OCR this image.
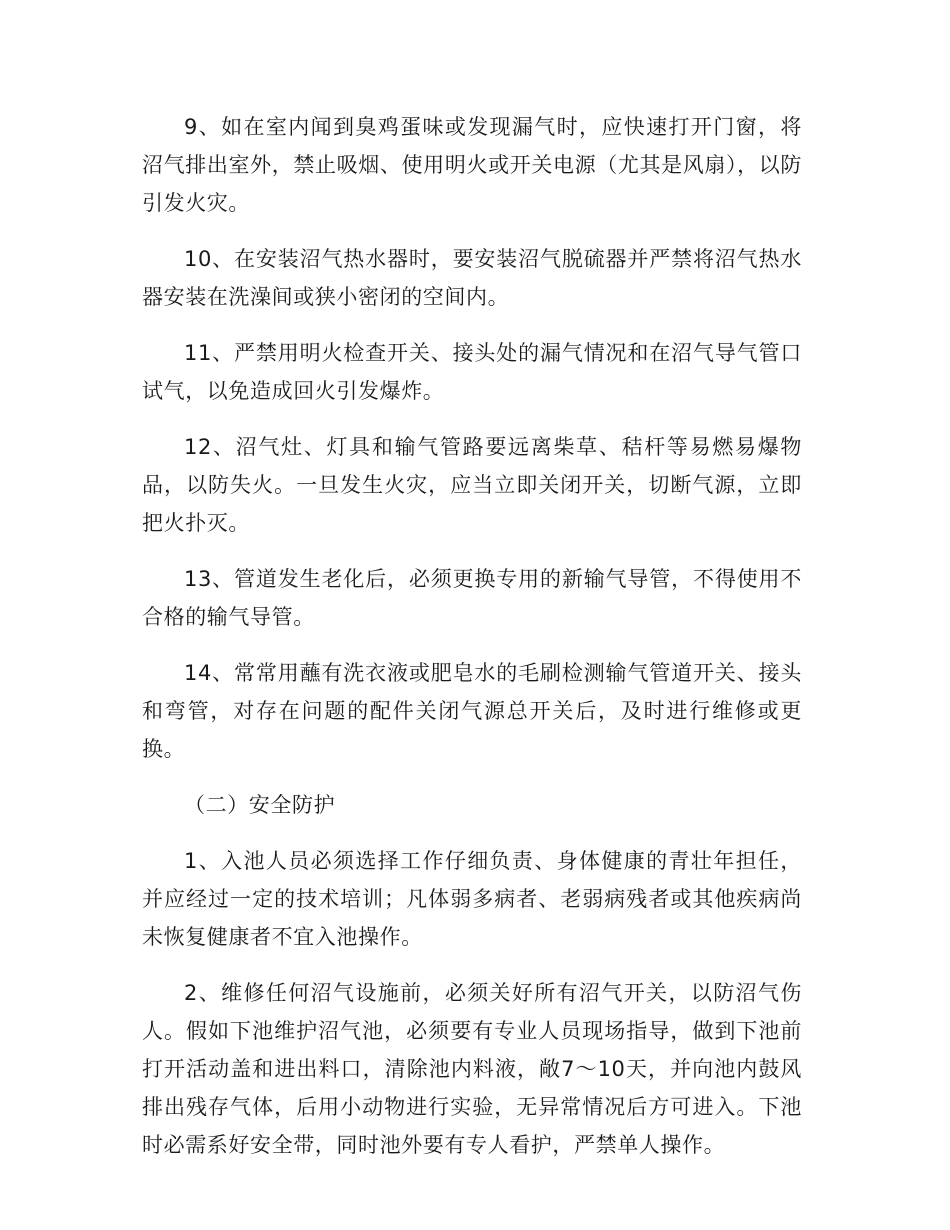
9、如在室内闻到臭鸡蛋味或发现漏气时，应快速打开门窗，将沼气排出室外，禁止吸烟、使用明火或开关电源（尤其是风扇），以防引发火灾。

10、在安装沼气热水器时，要安装沼气脱硫器并严禁将沼气热水器安装在洗澡间或狭小密闭的空间内。

11、严禁用明火检查开关、接头处的漏气情况和在沼气导气管口试气，以免造成回火引发爆炸。

12、沼气灶、灯具和输气管路要远离柴草、秸杆等易燃易爆物品，以防失火。一旦发生火灾，应当立即关闭开关，切断气源，立即把火扑灭。

13、管道发生老化后，必须更换专用的新输气导管，不得使用不合格的输气导管。

14、常常用蘸有洗衣液或肥皂水的毛刷检测输气管道开关、接头和弯管，对存在问题的配件关闭气源总开关后，及时进行维修或更换。

（二）安全防护

1、入池人员必须选择工作仔细负责、身体健康的青壮年担任，并应经过一定的技术培训；凡体弱多病者、老弱病残者或其他疾病尚未恢复健康者不宜入池操作。

2、维修任何沼气设施前，必须关好所有沼气开关，以防沼气伤人。假如下池维护沼气池，必须要有专业人员现场指导，做到下池前打开活动盖和进出料口，清除池内料液，敞7～10天，并向池内鼓风排出残存气体，后用小动物进行实验，无异常情况后方可进入。下池时必需系好安全带，同时池外要有专人看护，严禁单人操作。
